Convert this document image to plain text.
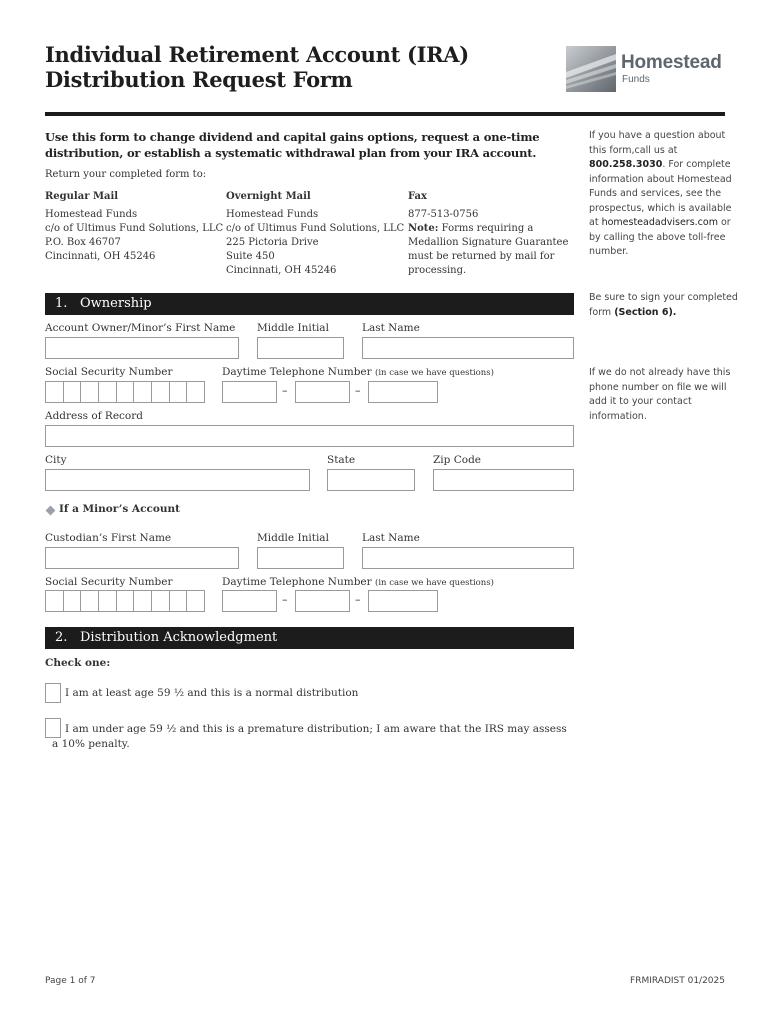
Individual Retirement Account (IRA)
Distribution Request Form
Homestead
Funds
Use this form to change dividend and capital gains options, request a one-time distribution, or establish a systematic withdrawal plan from your IRA account.
Return your completed form to:
Regular Mail
Homestead Funds
c/o of Ultimus Fund Solutions, LLC
P.O. Box 46707
Cincinnati, OH 45246
Overnight Mail
Homestead Funds
c/o of Ultimus Fund Solutions, LLC
225 Pictoria Drive
Suite 450
Cincinnati, OH 45246
Fax
877-513-0756
Note: Forms requiring a Medallion Signature Guarantee must be returned by mail for processing.
If you have a question about this form,call us at 800.258.3030. For complete information about Homestead Funds and services, see the prospectus, which is available at homesteadadvisers.com or by calling the above toll-free number.
Be sure to sign your completed form (Section 6).
If we do not already have this phone number on file we will add it to your contact information.
1. Ownership
Account Owner/Minor’s First Name Middle Initial	Last Name
Social Security Number	Daytime Telephone Number (in case we have questions)
–	–
Address of Record
City	State	Zip Code
If a Minor’s Account
Custodian’s First Name	Middle Initial	Last Name
Social Security Number	Daytime Telephone Number (in case we have questions)
–	–
2. Distribution Acknowledgment
Check one:
I am at least age 59 ½ and this is a normal distribution
I am under age 59 ½ and this is a premature distribution; I am aware that the IRS may assess
a 10% penalty.
Page 1 of 7	FRMIRADIST 01/2025
